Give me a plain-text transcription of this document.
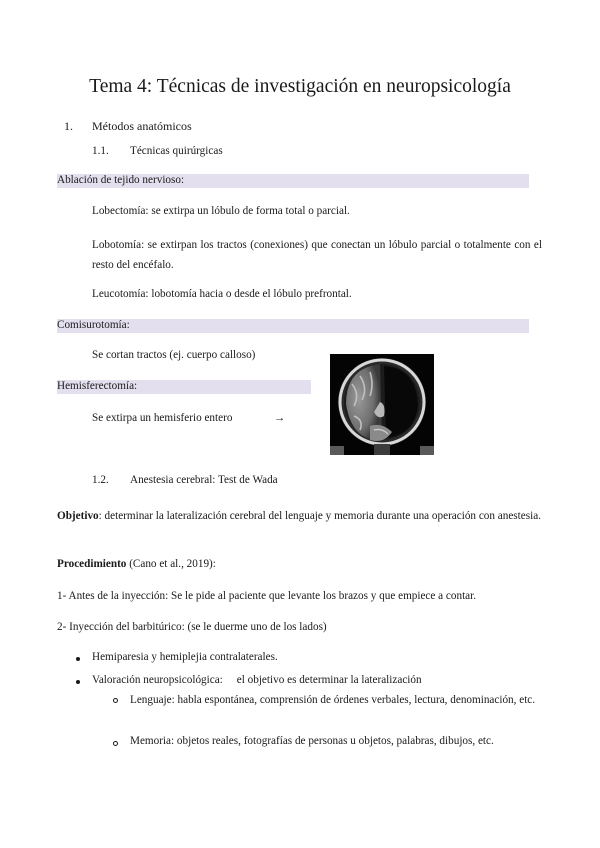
Tema 4: Técnicas de investigación en neuropsicología
1. Métodos anatómicos
1.1. Técnicas quirúrgicas
Ablación de tejido nervioso:
Lobectomía: se extirpa un lóbulo de forma total o parcial.
Lobotomía: se extirpan los tractos (conexiones) que conectan un lóbulo parcial o totalmente con el resto del encéfalo.
Leucotomía: lobotomía hacia o desde el lóbulo prefrontal.
Comisurotomía:
Se cortan tractos (ej. cuerpo calloso)
Hemisferectomía:
Se extirpa un hemisferio entero	→
1.2. Anestesia cerebral: Test de Wada
Objetivo: determinar la lateralización cerebral del lenguaje y memoria durante una operación con anestesia.
Procedimiento (Cano et al., 2019):
1- Antes de la inyección: Se le pide al paciente que levante los brazos y que empiece a contar.
2- Inyección del barbitúrico: (se le duerme uno de los lados)
Hemiparesia y hemiplejia contralaterales.
Valoración neuropsicológica:     el objetivo es determinar la lateralización
Lenguaje: habla espontánea, comprensión de órdenes verbales, lectura, denominación, etc.
Memoria: objetos reales, fotografías de personas u objetos, palabras, dibujos, etc.
